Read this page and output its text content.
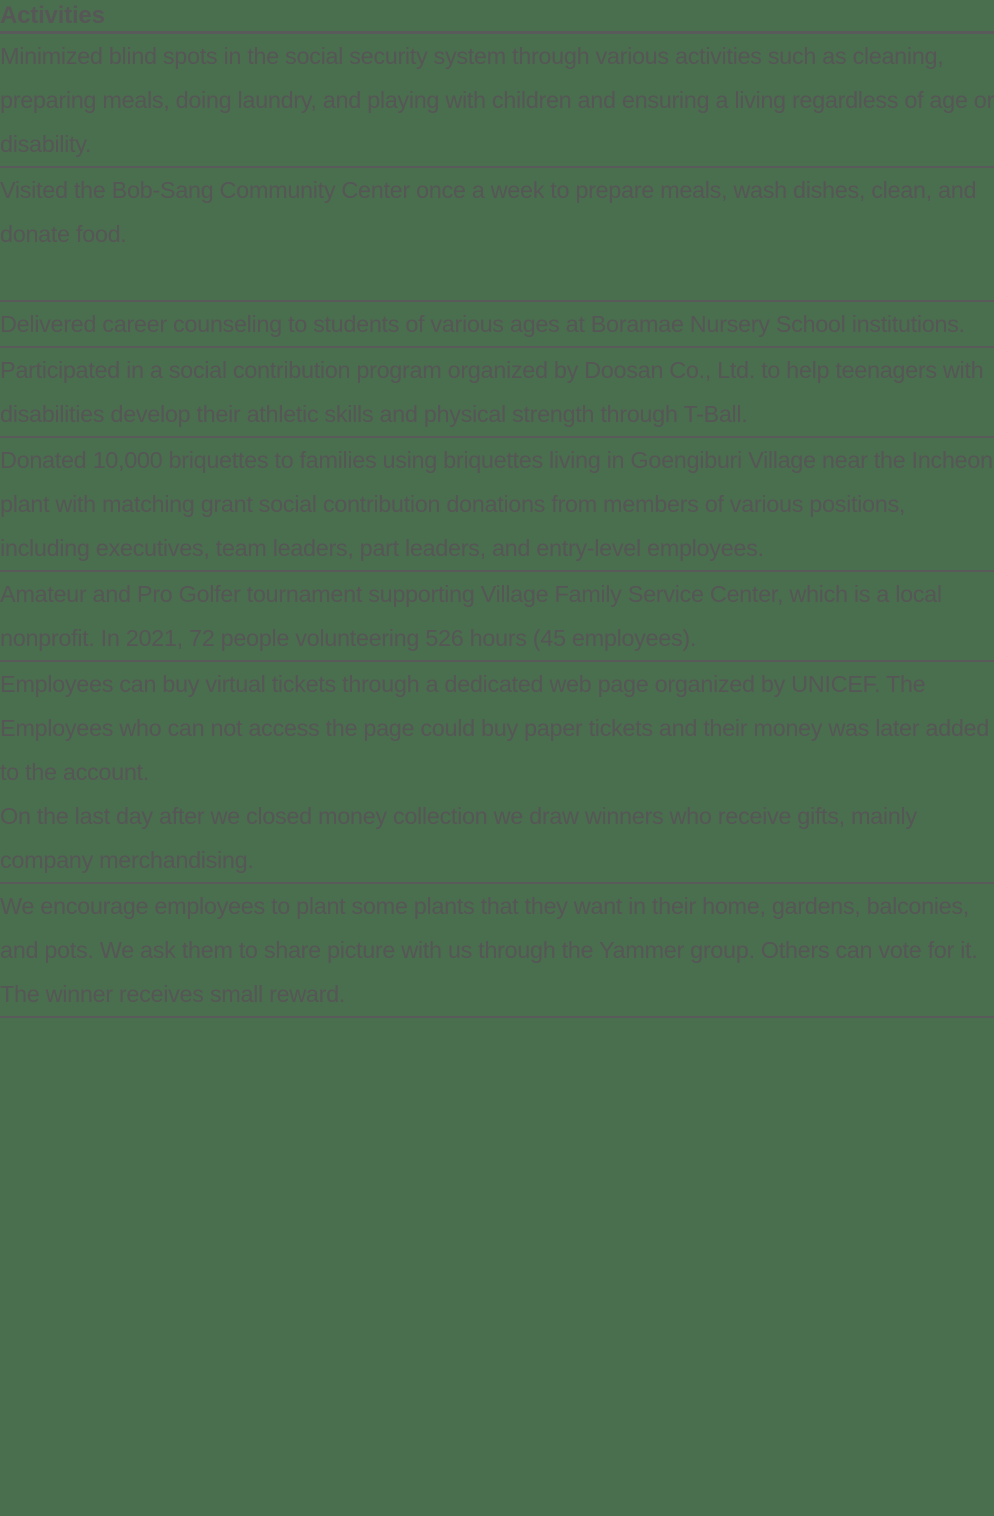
Activities

Minimized blind spots in the social security system through various activities such as cleaning, preparing meals, doing laundry, and playing with children and ensuring a living regardless of age or disability.

Visited the Bob-Sang Community Center once a week to prepare meals, wash dishes, clean, and donate food.

Delivered career counseling to students of various ages at Boramae Nursery School institutions.

Participated in a social contribution program organized by Doosan Co., Ltd. to help teenagers with disabilities develop their athletic skills and physical strength through T-Ball.

Donated 10,000 briquettes to families using briquettes living in Goengiburi Village near the Incheon plant with matching grant social contribution donations from members of various positions, including executives, team leaders, part leaders, and entry-level employees.

Amateur and Pro Golfer tournament supporting Village Family Service Center, which is a local nonprofit. In 2021, 72 people volunteering 526 hours (45 employees).

Employees can buy virtual tickets through a dedicated web page organized by UNICEF. The Employees who can not access the page could buy paper tickets and their money was later added to the account.
On the last day after we closed money collection we draw winners who receive gifts, mainly company merchandising.

We encourage employees to plant some plants that they want in their home, gardens, balconies, and pots. We ask them to share picture with us through the Yammer group. Others can vote for it. The winner receives small reward.
